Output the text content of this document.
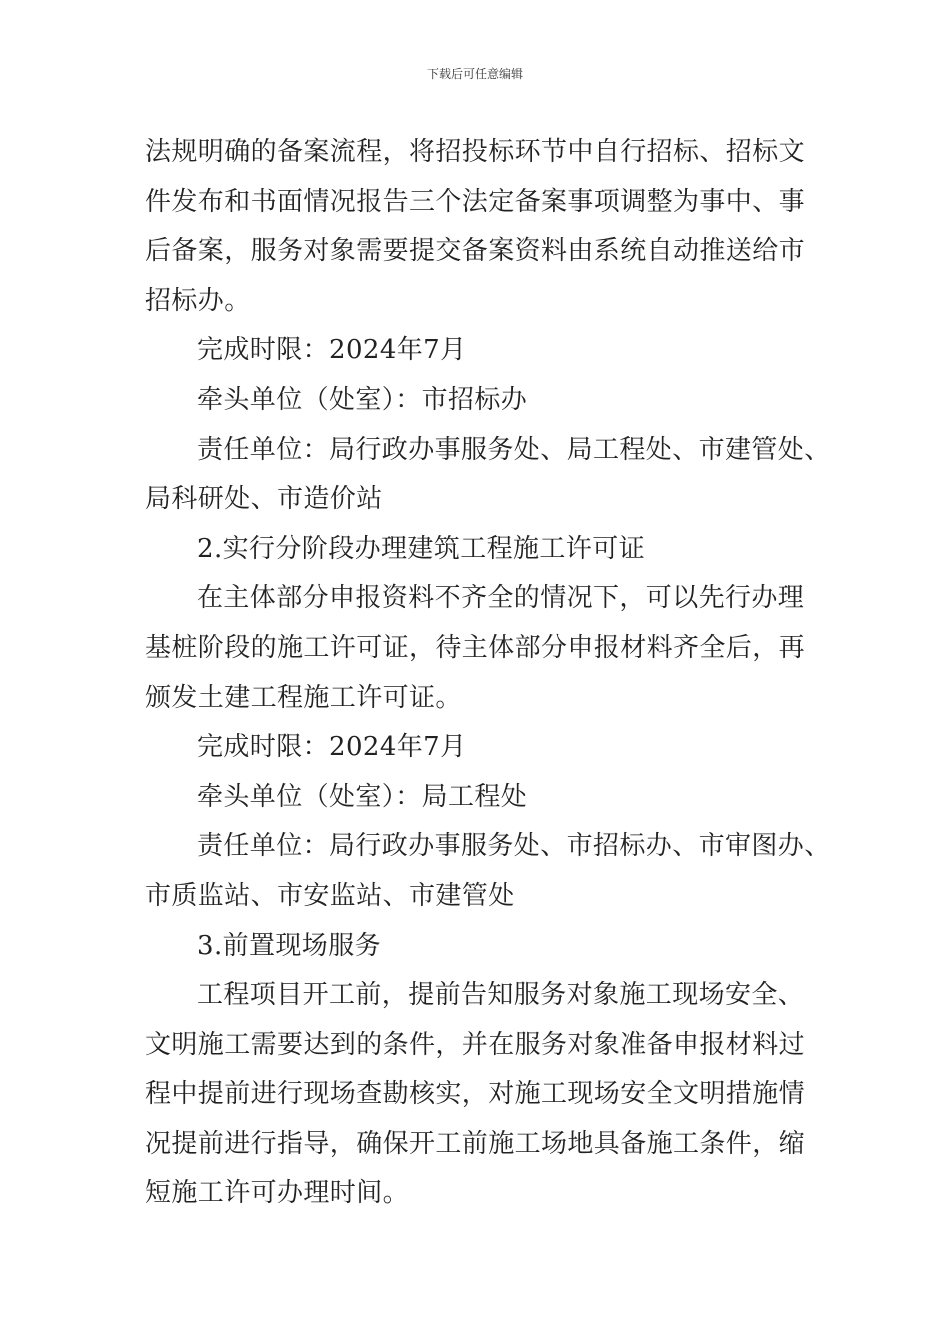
下载后可任意编辑
法规明确的备案流程，将招投标环节中自行招标、招标文
件发布和书面情况报告三个法定备案事项调整为事中、事
后备案，服务对象需要提交备案资料由系统自动推送给市
招标办。
完成时限：2024年7月
牵头单位（处室）：市招标办
责任单位：局行政办事服务处、局工程处、市建管处、
局科研处、市造价站
2.实行分阶段办理建筑工程施工许可证
在主体部分申报资料不齐全的情况下，可以先行办理
基桩阶段的施工许可证，待主体部分申报材料齐全后，再
颁发土建工程施工许可证。
完成时限：2024年7月
牵头单位（处室）：局工程处
责任单位：局行政办事服务处、市招标办、市审图办、
市质监站、市安监站、市建管处
3.前置现场服务
工程项目开工前，提前告知服务对象施工现场安全、
文明施工需要达到的条件，并在服务对象准备申报材料过
程中提前进行现场查勘核实，对施工现场安全文明措施情
况提前进行指导，确保开工前施工场地具备施工条件，缩
短施工许可办理时间。
